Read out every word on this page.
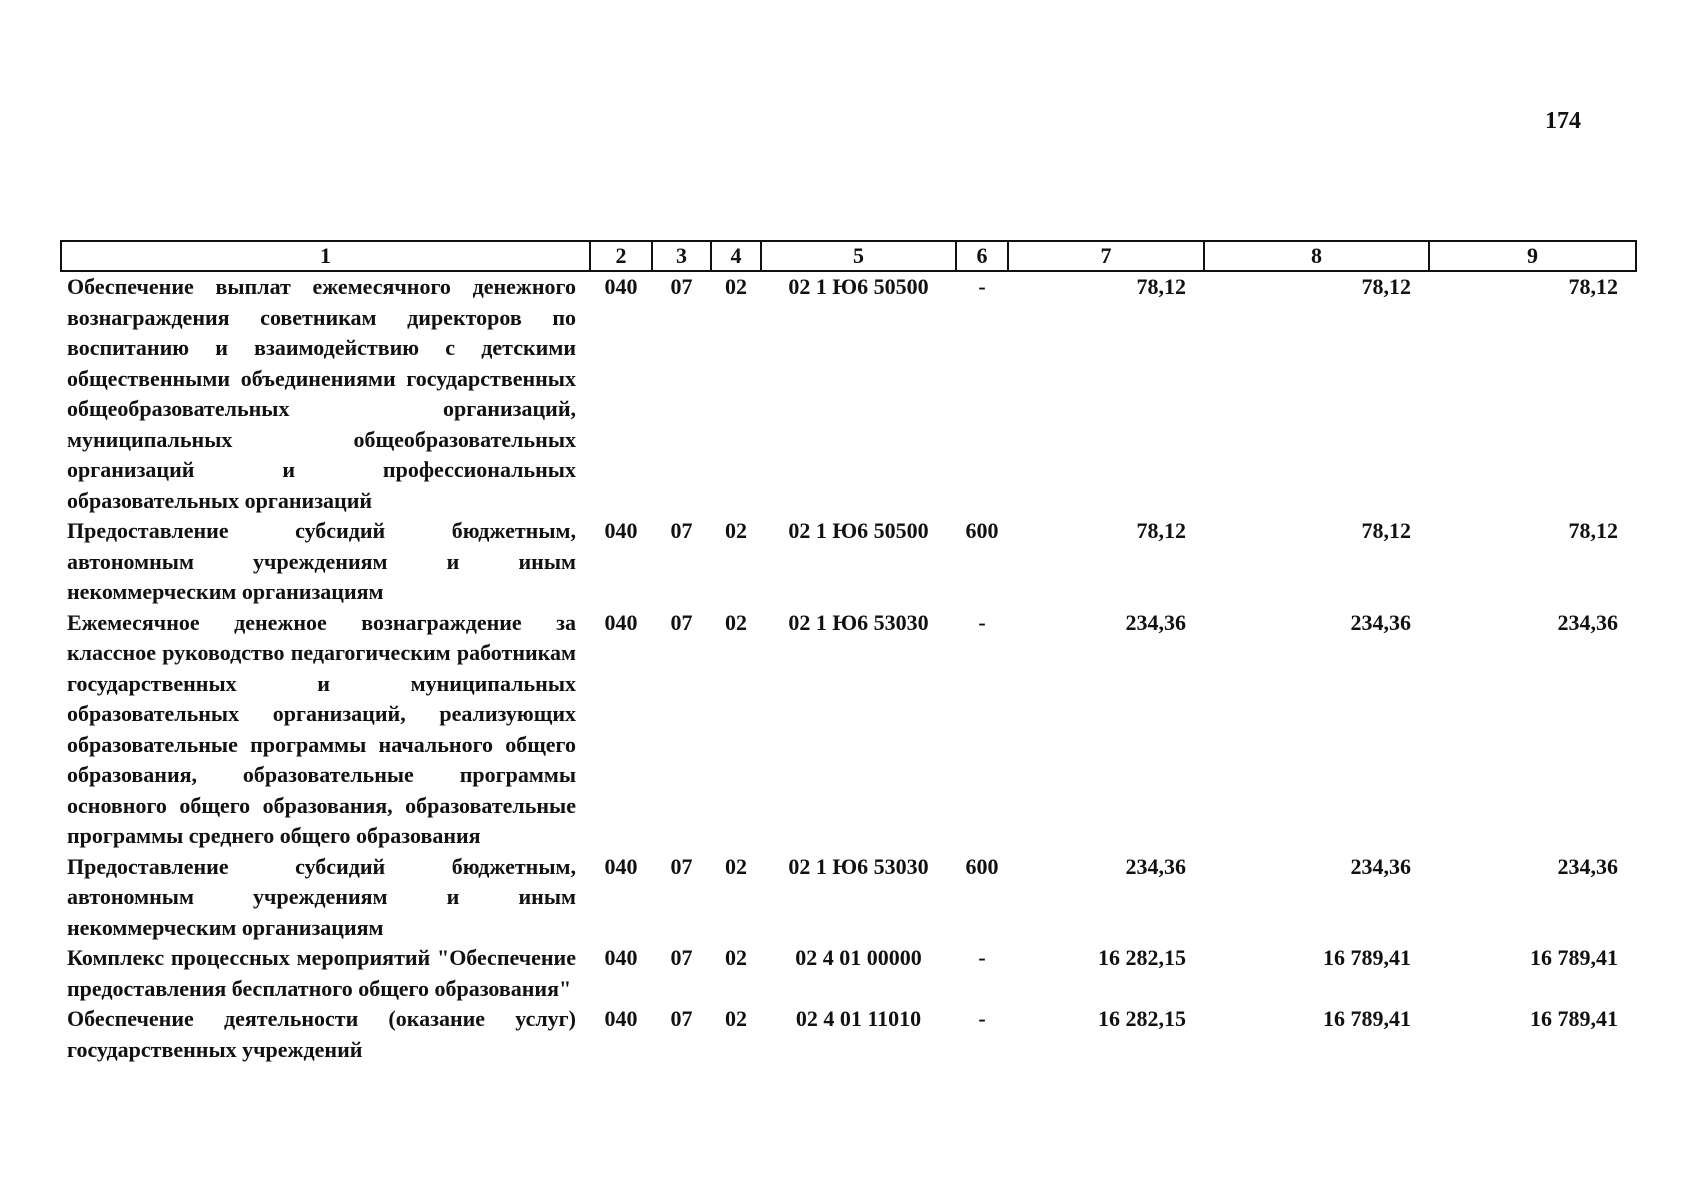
174
1	2	3	4	5	6	7	8	9
Обеспечение выплат ежемесячного денежного вознаграждения советникам директоров по воспитанию и взаимодействию с детскими общественными объединениями государственных общеобразовательных организаций, муниципальных общеобразовательных организаций и профессиональных образовательных организаций	040	07	02	02 1 Ю6 50500	-	78,12	78,12	78,12
Предоставление субсидий бюджетным, автономным учреждениям и иным некоммерческим организациям	040	07	02	02 1 Ю6 50500	600	78,12	78,12	78,12
Ежемесячное денежное вознаграждение за классное руководство педагогическим работникам государственных и муниципальных образовательных организаций, реализующих образовательные программы начального общего образования, образовательные программы основного общего образования, образовательные программы среднего общего образования	040	07	02	02 1 Ю6 53030	-	234,36	234,36	234,36
Предоставление субсидий бюджетным, автономным учреждениям и иным некоммерческим организациям	040	07	02	02 1 Ю6 53030	600	234,36	234,36	234,36
Комплекс процессных мероприятий "Обеспечение предоставления бесплатного общего образования"	040	07	02	02 4 01 00000	-	16 282,15	16 789,41	16 789,41
Обеспечение деятельности (оказание услуг) государственных учреждений	040	07	02	02 4 01 11010	-	16 282,15	16 789,41	16 789,41
